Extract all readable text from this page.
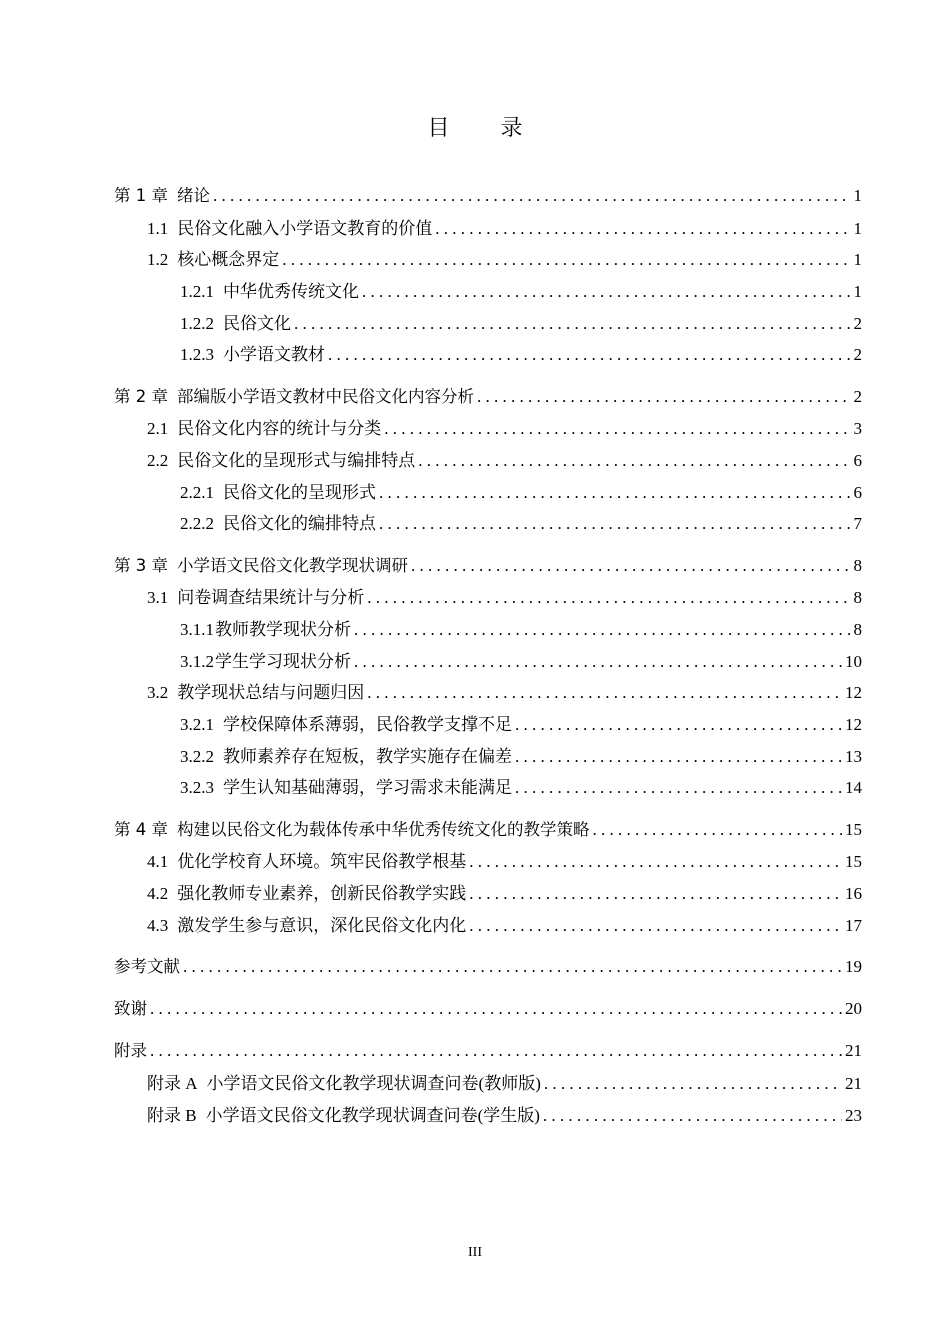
目 录
第 1 章 绪论 . . .	1
1.1 民俗文化融入小学语文教育的价值 . . .	1
1.2 核心概念界定 . . .	1
1.2.1 中华优秀传统文化 . . .	1
1.2.2 民俗文化 . . .	2
1.2.3 小学语文教材 . . .	2
第 2 章 部编版小学语文教材中民俗文化内容分析 . . .	2
2.1 民俗文化内容的统计与分类 . . .	3
2.2 民俗文化的呈现形式与编排特点 . . .	6
2.2.1 民俗文化的呈现形式 . . .	6
2.2.2 民俗文化的编排特点 . . .	7
第 3 章 小学语文民俗文化教学现状调研 . . .	8
3.1 问卷调查结果统计与分析 . . .	8
3.1.1 教师教学现状分析 . . .	8
3.1.2 学生学习现状分析 . . .	10
3.2 教学现状总结与问题归因 . . .	12
3.2.1 学校保障体系薄弱，民俗教学支撑不足 . . .	12
3.2.2 教师素养存在短板，教学实施存在偏差 . . .	13
3.2.3 学生认知基础薄弱，学习需求未能满足 . . .	14
第 4 章 构建以民俗文化为载体传承中华优秀传统文化的教学策略 . . .	15
4.1 优化学校育人环境。筑牢民俗教学根基 . . .	15
4.2 强化教师专业素养，创新民俗教学实践 . . .	16
4.3 激发学生参与意识，深化民俗文化内化 . . .	17
参考文献 . . .	19
致谢 . . .	20
附录 . . .	21
附录 A 小学语文民俗文化教学现状调查问卷(教师版) . . .	21
附录 B 小学语文民俗文化教学现状调查问卷(学生版) . . .	23
III
